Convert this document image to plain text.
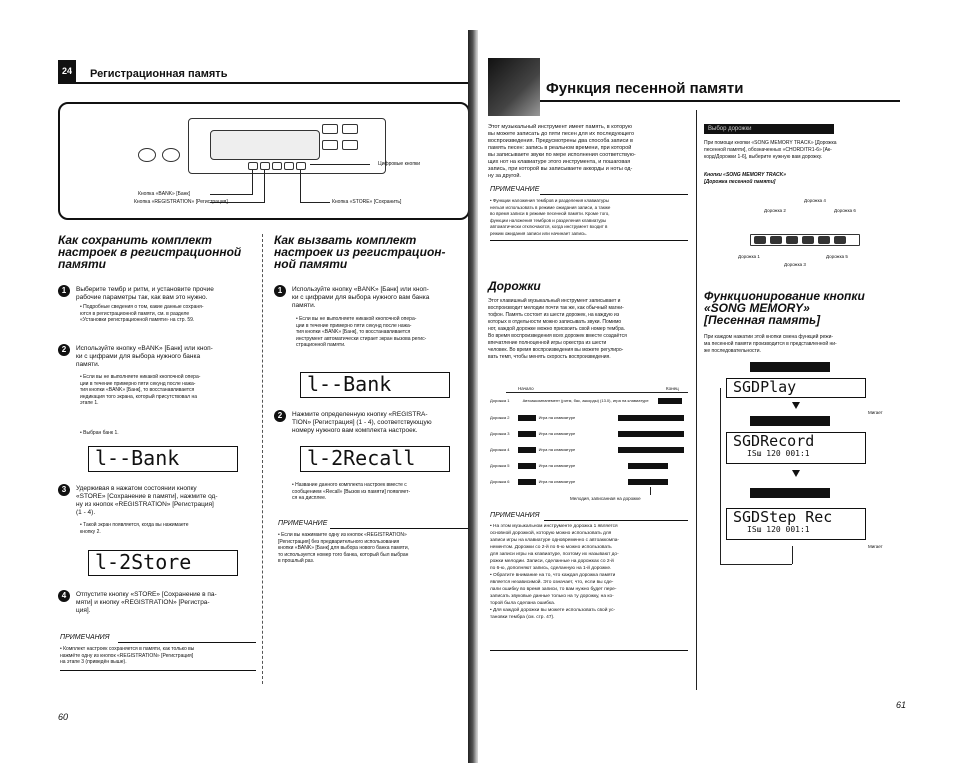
24	Регистрационная память
Цифровые кнопки
Кнопка «BANK» [Банк]
Кнопка «REGISTRATION» [Регистрация]	Кнопка «STORE» [Сохранить]
Как сохранить комплект
настроек в регистрационной
памяти
1	Выберите тембр и ритм, и установите прочие
рабочие параметры так, как вам это нужно.
• Подробные сведения о том, какие данные сохраня-
ются в регистрационной памяти, см. в разделе
«Установки регистрационной памяти» на стр. 59.
2	Используйте кнопку «BANK» [Банк] или кноп-
ки с цифрами для выбора нужного банка
памяти.
• Если вы не выполняете никакой кнопочной опера-
ции в течение примерно пяти секунд после нажа-
тия кнопки «BANK» [Банк], то восстанавливается
индикация того экрана, который присутствовал на
этапе 1.
• Выбран банк 1.
l--Bank
3	Удерживая в нажатом состоянии кнопку
«STORE» [Сохранение в памяти], нажмите од-
ну из кнопок «REGISTRATION» [Регистрация]
(1 - 4).
• Такой экран появляется, когда вы нажимаете
кнопку 2.
l-2Store
4	Отпустите кнопку «STORE» [Сохранение в па-
мяти] и кнопку «REGISTRATION» [Регистра-
ция].
ПРИМЕЧАНИЯ
• Комплект настроек сохраняется в памяти, как только вы
нажмёте одну из кнопок «REGISTRATION» [Регистрация]
на этапе 3 (приведён выше).
Как вызвать комплект
настроек из регистрацион-
ной памяти
1	Используйте кнопку «BANK» [Банк] или кноп-
ки с цифрами для выбора нужного вам банка
памяти.
• Если вы не выполняете никакой кнопочной опера-
ции в течение примерно пяти секунд после нажа-
тия кнопки «BANK» [Банк], то восстанавливается
инструмент автоматически стирает экран вызова регис-
страционной памяти.
l--Bank
2	Нажмите определенную кнопку «REGISTRA-
TION» [Регистрация] (1 - 4), соответствующую
номеру нужного вам комплекта настроек.
l-2Recall
• Название данного комплекта настроек вместе с
сообщением «Recall» [Вызов из памяти] появляет-
ся на дисплее.
ПРИМЕЧАНИЕ
• Если вы нажимаете одну из кнопок «REGISTRATION»
[Регистрация] без предварительного использования
кнопки «BANK» [Банк] для выбора нового банка памяти,
то используется номер того банка, который был выбран
в прошлый раз.
60
Функция песенной памяти
Этот музыкальный инструмент имеет память, в которую
вы можете записать до пяти песен для их последующего
воспроизведения. Предусмотрены два способа записи в
память песен: запись в реальном времени, при которой
вы записываете звуки по мере исполнения соответствую-
щих нот на клавиатуре этого инструмента, и пошаговая
запись, при которой вы записываете аккорды и ноты од-
ну за другой.
ПРИМЕЧАНИЕ
• Функции наложения тембров и разделения клавиатуры
нельзя использовать в режиме ожидания записи, а также
во время записи в режиме песенной памяти. Кроме того,
функции наложения тембров и разделения клавиатуры
автоматически отключаются, когда инструмент входит в
режим ожидания записи или начинает запись.
Дорожки
Этот клавишный музыкальный инструмент записывает и
воспроизводит мелодии почти так же, как обычный магни-
тофон. Память состоит из шести дорожек, на каждую из
которых в отдельности можно записывать звуки. Помимо
нот, каждой дорожке можно присвоить свой номер тембра.
Во время воспроизведения всех дорожек вместе создаётся
впечатление полноценной игры оркестра из шести
человек. Во время воспроизведения вы можете регулиро-
вать темп, чтобы менять скорость воспроизведения.
Начало	Конец
Дорожка 1	Автоаккомпанемент (ритм, бас, аккорды) (13.0), игра на клавиатуре
Дорожка 2	Игра на клавиатуре
Дорожка 3	Игра на клавиатуре
Дорожка 4	Игра на клавиатуре
Дорожка 5	Игра на клавиатуре
Дорожка 6	Игра на клавиатуре
Мелодия, записанная на дорожке
ПРИМЕЧАНИЯ
• На этом музыкальном инструменте дорожка 1 является
основной дорожкой, которую можно использовать для
записи игры на клавиатуре одновременно с автоаккомпа-
нементом. Дорожки со 2-й по 6-ю можно использовать
для записи игры на клавиатуре, поэтому их называют до-
рожки мелодии. Записи, сделанные на дорожках со 2-й
по 6-ю, дополняют запись, сделанную на 1-й дорожке.
• Обратите внимание на то, что каждая дорожка памяти
является независимой. Это означает, что, если вы сде-
лали ошибку во время записи, то вам нужно будет пере-
записать звуковые данные только на ту дорожку, на ко-
торой была сделана ошибка.
• Для каждой дорожки вы можете использовать свой ус-
тановки тембра (см. стр. 47).
Выбор дорожки
При помощи кнопки «SONG MEMORY TRACK» [Дорожка
песенной памяти], обозначенных «CHORD/TR1-6» [Ак-
корд/Дорожки 1-6], выберите нужную вам дорожку.
Кнопки «SONG MEMORY TRACK»
[Дорожка песенной памяти]
Дорожка 4
Дорожка 2	Дорожка 6
Дорожка 1
Дорожка 3
Дорожка 5
Функционирование кнопки
«SONG MEMORY»
[Песенная память]
При каждом нажатии этой кнопки смена функций режи-
ма песенной памяти производится в представленной ни-
же последовательности.
SGDPlay
Мигает
SGDRecord
ISɯ 120 001:1
SGDStep Rec
ISɯ 120 001:1
Мигает
61
